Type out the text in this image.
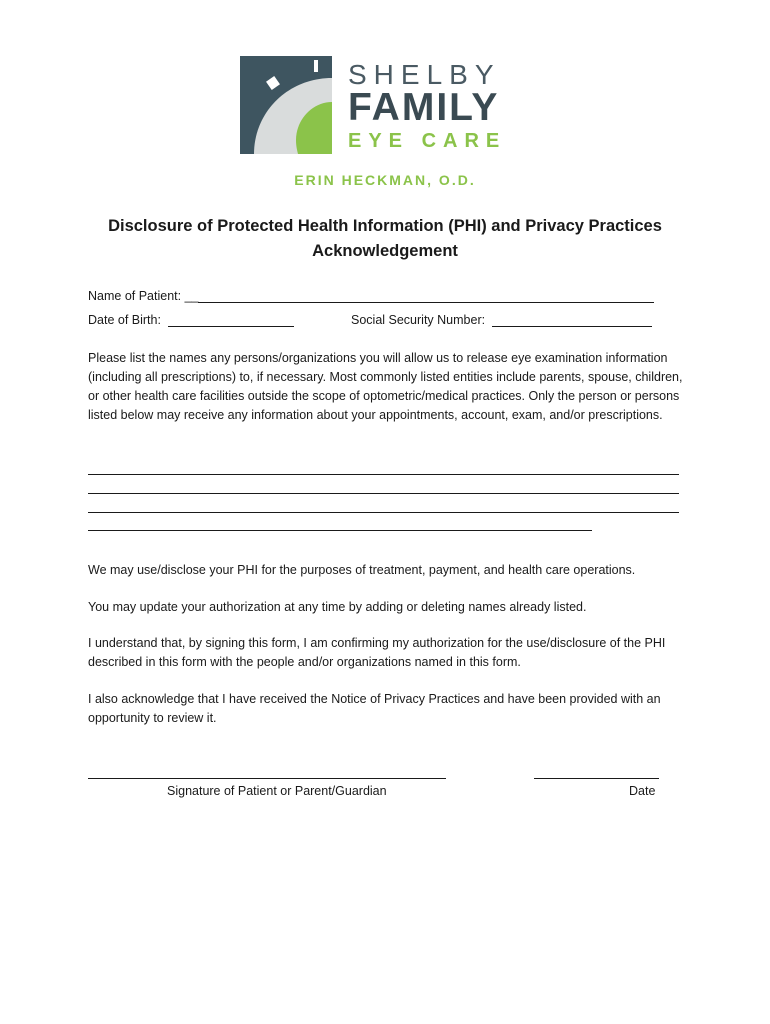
SHELBY
FAMILY
EYE CARE
ERIN HECKMAN, O.D.
Disclosure of Protected Health Information (PHI) and Privacy Practices
Acknowledgement
Name of Patient: __
Date of Birth:	Social Security Number:
Please list the names any persons/organizations you will allow us to release eye examination information (including all prescriptions) to, if necessary. Most commonly listed entities include parents, spouse, children, or other health care facilities outside the scope of optometric/medical practices. Only the person or persons listed below may receive any information about your appointments, account, exam, and/or prescriptions.
We may use/disclose your PHI for the purposes of treatment, payment, and health care operations.
You may update your authorization at any time by adding or deleting names already listed.
I understand that, by signing this form, I am confirming my authorization for the use/disclosure of the PHI described in this form with the people and/or organizations named in this form.
I also acknowledge that I have received the Notice of Privacy Practices and have been provided with an opportunity to review it.
Signature of Patient or Parent/Guardian	Date
